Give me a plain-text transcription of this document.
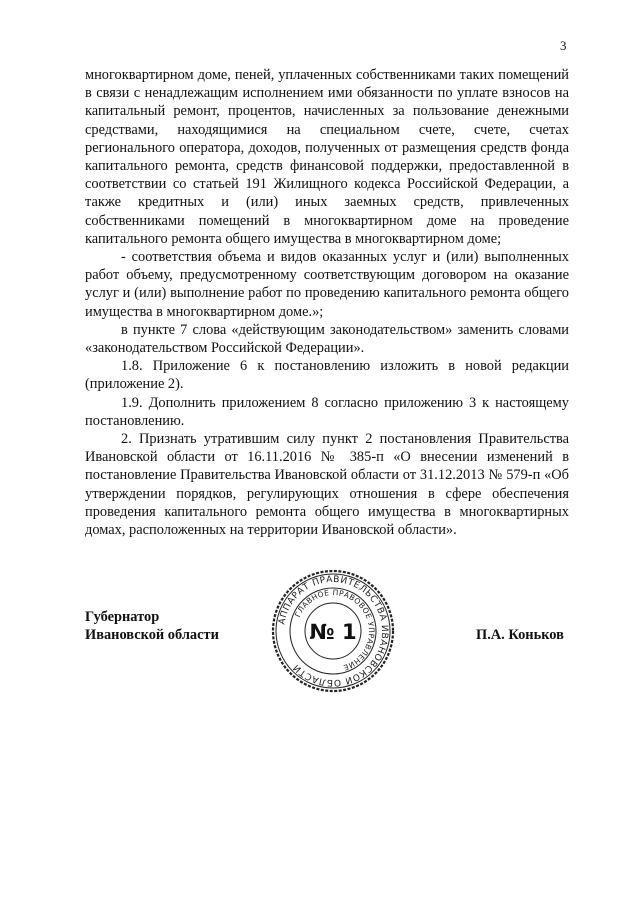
3

многоквартирном доме, пеней, уплаченных собственниками таких помещений в связи с ненадлежащим исполнением ими обязанности по уплате взносов на капитальный ремонт, процентов, начисленных за пользование денежными средствами, находящимися на специальном счете, счете, счетах регионального оператора, доходов, полученных от размещения средств фонда капитального ремонта, средств финансовой поддержки, предоставленной в соответствии со статьей 191 Жилищного кодекса Российской Федерации, а также кредитных и (или) иных заемных средств, привлеченных собственниками помещений в многоквартирном доме на проведение капитального ремонта общего имущества в многоквартирном доме;

- соответствия объема и видов оказанных услуг и (или) выполненных работ объему, предусмотренному соответствующим договором на оказание услуг и (или) выполнение работ по проведению капитального ремонта общего имущества в многоквартирном доме.»;

в пункте 7 слова «действующим законодательством» заменить словами «законодательством Российской Федерации».

1.8. Приложение 6 к постановлению изложить в новой редакции (приложение 2).

1.9. Дополнить приложением 8 согласно приложению 3 к настоящему постановлению.

2. Признать утратившим силу пункт 2 постановления Правительства Ивановской области от 16.11.2016 № 385-п «О внесении изменений в постановление Правительства Ивановской области от 31.12.2013 № 579-п «Об утверждении порядков, регулирующих отношения в сфере обеспечения проведения капитального ремонта общего имущества в многоквартирных домах, расположенных на территории Ивановской области».

Губернатор
Ивановской области
АППАРАТ ПРАВИТЕЛЬСТВА ИВАНОВСКОЙ ОБЛАСТИ
ГЛАВНОЕ ПРАВОВОЕ УПРАВЛЕНИЕ
№ 1	П.А. Коньков
